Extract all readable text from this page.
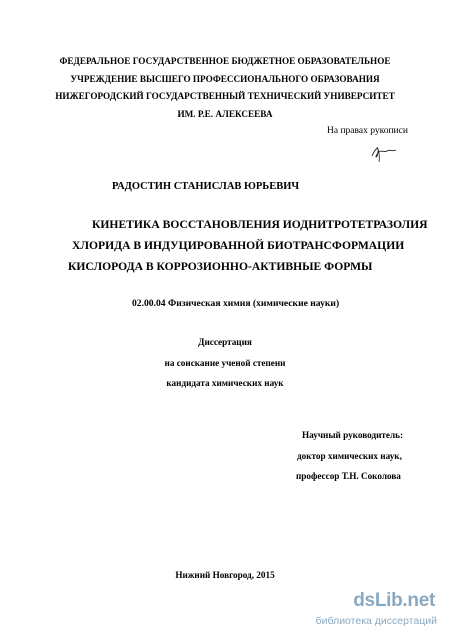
ФЕДЕРАЛЬНОЕ ГОСУДАРСТВЕННОЕ БЮДЖЕТНОЕ ОБРАЗОВАТЕЛЬНОЕ
УЧРЕЖДЕНИЕ ВЫСШЕГО ПРОФЕССИОНАЛЬНОГО ОБРАЗОВАНИЯ
НИЖЕГОРОДСКИЙ ГОСУДАРСТВЕННЫЙ ТЕХНИЧЕСКИЙ УНИВЕРСИТЕТ
ИМ. Р.Е. АЛЕКСЕЕВА
На правах рукописи
РАДОСТИН СТАНИСЛАВ ЮРЬЕВИЧ
КИНЕТИКА ВОССТАНОВЛЕНИЯ ИОДНИТРОТЕТРАЗОЛИЯ
ХЛОРИДА В ИНДУЦИРОВАННОЙ БИОТРАНСФОРМАЦИИ
КИСЛОРОДА В КОРРОЗИОННО-АКТИВНЫЕ ФОРМЫ
02.00.04 Физическая химия (химические науки)
Диссертация
на соискание ученой степени
кандидата химических наук
Научный руководитель:
доктор химических наук,
профессор Т.Н. Соколова
Нижний Новгород, 2015
dsLib.net
библиотека диссертаций
